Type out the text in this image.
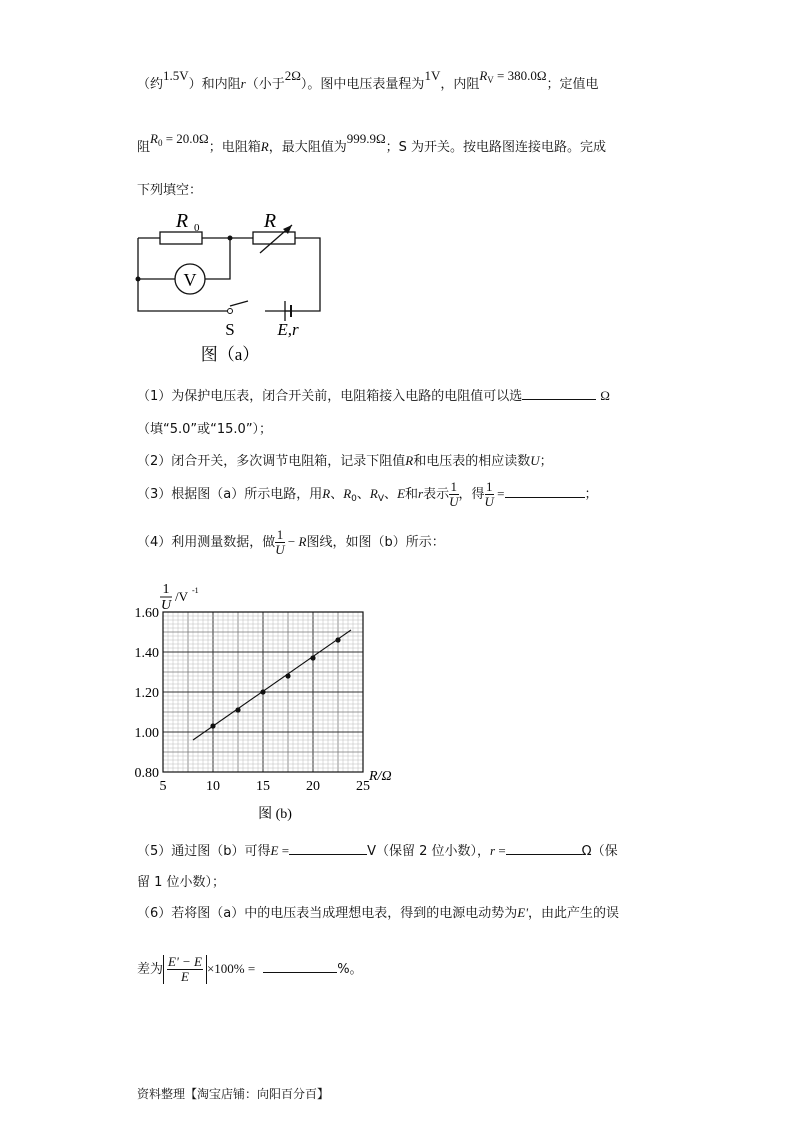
（约1.5V）和内阻r（小于2Ω）。图中电压表量程为1V，内阻$R_V = 380.0\Omega$；定值电
阻$R_0 = 20.0\Omega$；电阻箱R，最大阻值为999.9Ω；S 为开关。按电路图连接电路。完成
下列填空：
R 0	R
V
S	E,r
图（a）
（1）为保护电压表，闭合开关前，电阻箱接入电路的电阻值可以选	Ω
（填“5.0”或“15.0”）；
（2）闭合开关，多次调节电阻箱，记录下阻值R和电压表的相应读数U；
（3）根据图（a）所示电路，用R、$R_0$、$R_V$、E和r表示 $\frac{1}{U}$ ，得 $\frac{1}{U}$ =	；
（4）利用测量数据，做 $\frac{1}{U} - R$图线，如图（b）所示：
5	10	15	20	25
0.80
1.00
1.20
1.40
1.60
1
U
/V -1
R/Ω
图 (b)
（5）通过图（b）可得E =	V（保留 2 位小数），r =	Ω（保
留 1 位小数）；
（6）若将图（a）中的电压表当成理想电表，得到的电源电动势为E'，由此产生的误
差为 $\frac{E' - E}{E} \times 100\%$ =	%。
资料整理【淘宝店铺：向阳百分百】
